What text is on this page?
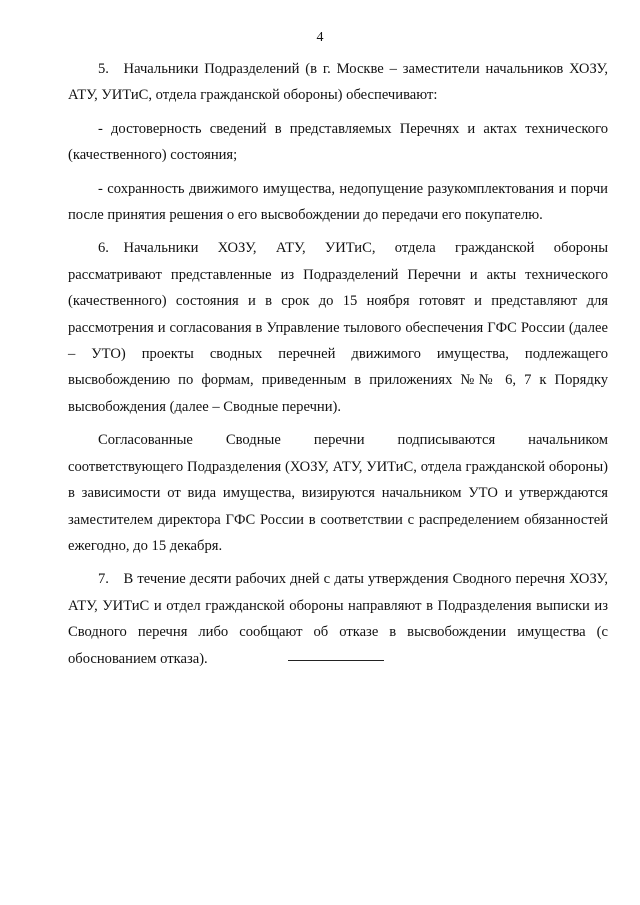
4

5. Начальники Подразделений (в г. Москве – заместители начальников ХОЗУ, АТУ, УИТиС, отдела гражданской обороны) обеспечивают:

- достоверность сведений в представляемых Перечнях и актах технического (качественного) состояния;

- сохранность движимого имущества, недопущение разукомплектования и порчи после принятия решения о его высвобождении до передачи его покупателю.

6. Начальники ХОЗУ, АТУ, УИТиС, отдела гражданской обороны рассматривают представленные из Подразделений Перечни и акты технического (качественного) состояния и в срок до 15 ноября готовят и представляют для рассмотрения и согласования в Управление тылового обеспечения ГФС России (далее – УТО) проекты сводных перечней движимого имущества, подлежащего высвобождению по формам, приведенным в приложениях №№ 6, 7 к Порядку высвобождения (далее – Сводные перечни).

Согласованные Сводные перечни подписываются начальником соответствующего Подразделения (ХОЗУ, АТУ, УИТиС, отдела гражданской обороны) в зависимости от вида имущества, визируются начальником УТО и утверждаются заместителем директора ГФС России в соответствии с распределением обязанностей ежегодно, до 15 декабря.

7. В течение десяти рабочих дней с даты утверждения Сводного перечня ХОЗУ, АТУ, УИТиС и отдел гражданской обороны направляют в Подразделения выписки из Сводного перечня либо сообщают об отказе в высвобождении имущества (с обоснованием отказа).
